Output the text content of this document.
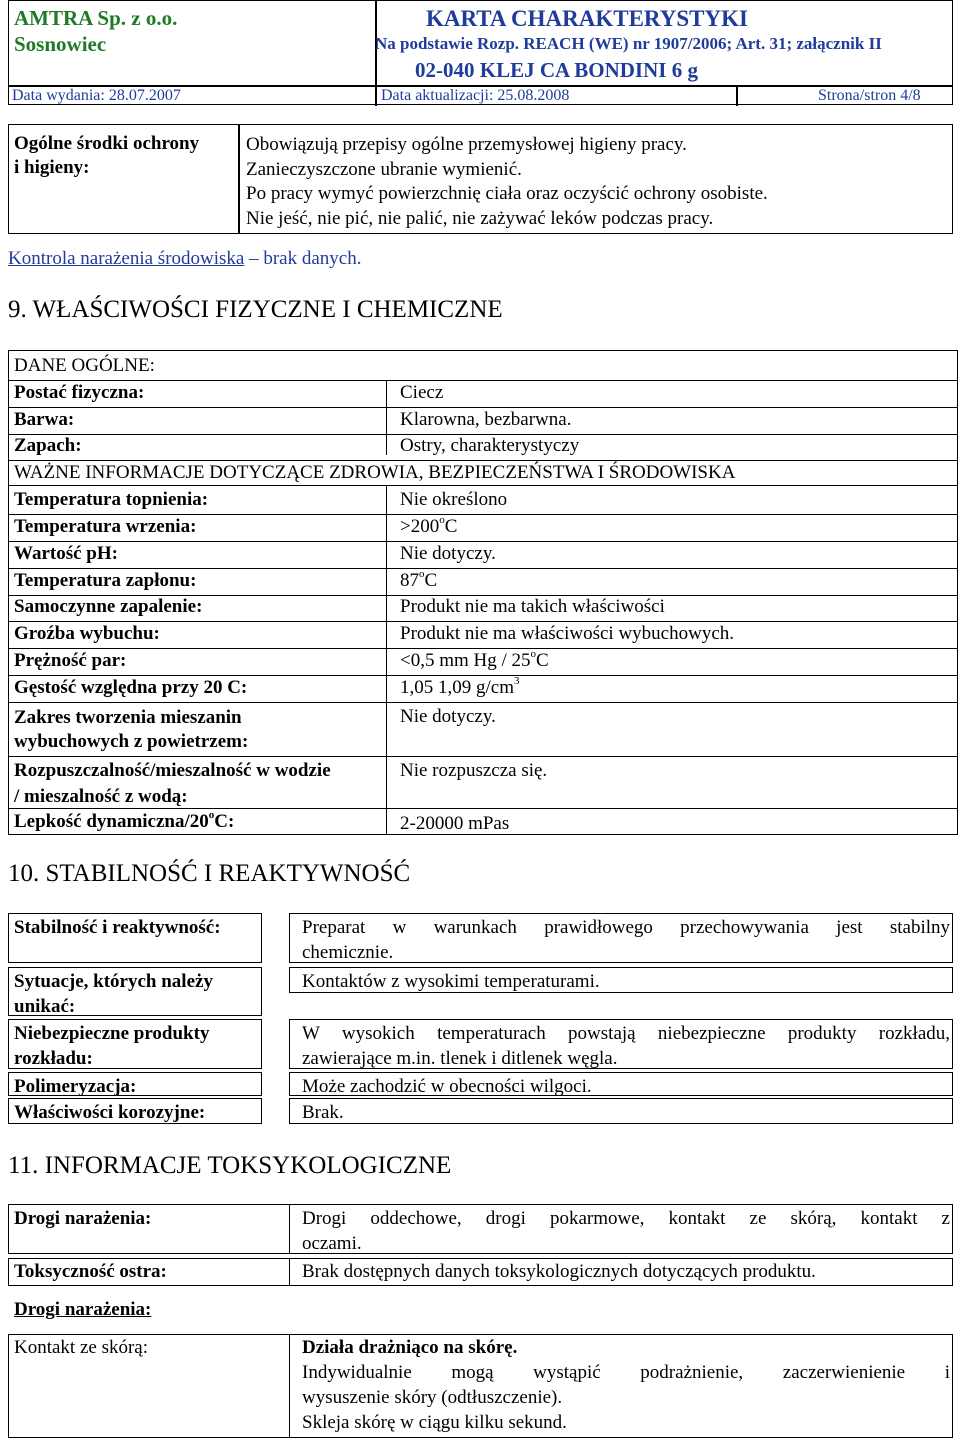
AMTRA Sp. z o.o.
Sosnowiec
KARTA CHARAKTERYSTYKI
Na podstawie Rozp. REACH (WE) nr 1907/2006; Art. 31; załącznik II
02-040 KLEJ CA BONDINI 6 g
Data wydania: 28.07.2007	Data aktualizacji: 25.08.2008	Strona/stron 4/8
Ogólne środki ochrony
i higieny:
Obowiązują przepisy ogólne przemysłowej higieny pracy.
Zanieczyszczone ubranie wymienić.
Po pracy wymyć powierzchnię ciała oraz oczyścić ochrony osobiste.
Nie jeść, nie pić, nie palić, nie zażywać leków podczas pracy.
Kontrola narażenia środowiska – brak danych.
9. WŁAŚCIWOŚCI FIZYCZNE I CHEMICZNE
DANE OGÓLNE:
Postać fizyczna:	Ciecz
Barwa:	Klarowna, bezbarwna.
Zapach:	Ostry, charakterystyczy
WAŻNE INFORMACJE DOTYCZĄCE ZDROWIA, BEZPIECZEŃSTWA I ŚRODOWISKA
Temperatura topnienia:	Nie określono
Temperatura wrzenia:	$>200^oC$
Wartość pH:	Nie dotyczy.
Temperatura zapłonu:	87$^o$C
Samoczynne zapalenie:	Produkt nie ma takich właściwości
Groźba wybuchu:	Produkt nie ma właściwości wybuchowych.
Prężność par:	<0,5 mm Hg / 25$^o$C
Gęstość względna przy 20 C:	1,05 1,09 $g/cm^3$
Zakres tworzenia mieszanin
wybuchowych z powietrzem:
Nie dotyczy.
Rozpuszczalność/mieszalność w wodzie
/ mieszalność z wodą:
Nie rozpuszcza się.
Lepkość dynamiczna/20$^o$C:	2-20000 mPas
10. STABILNOŚĆ I REAKTYWNOŚĆ
Stabilność i reaktywność:	Preparat w warunkach prawidłowego przechowywania jest stabilny
chemicznie.
Sytuacje, których należy
unikać:
Kontaktów z wysokimi temperaturami.
Niebezpieczne produkty
rozkładu:
W wysokich temperaturach powstają niebezpieczne produkty rozkładu,
zawierające m.in. tlenek i ditlenek węgla.
Polimeryzacja:	Może zachodzić w obecności wilgoci.
Właściwości korozyjne:	Brak.
11. INFORMACJE TOKSYKOLOGICZNE
Drogi narażenia:	Drogi oddechowe, drogi pokarmowe, kontakt ze skórą, kontakt z
oczami.
Toksyczność ostra:	Brak dostępnych danych toksykologicznych dotyczących produktu.
Drogi narażenia:
Kontakt ze skórą:	Działa drażniąco na skórę.
Indywidualnie mogą wystąpić podrażnienie, zaczerwienienie i
wysuszenie skóry (odtłuszczenie).
Skleja skórę w ciągu kilku sekund.
